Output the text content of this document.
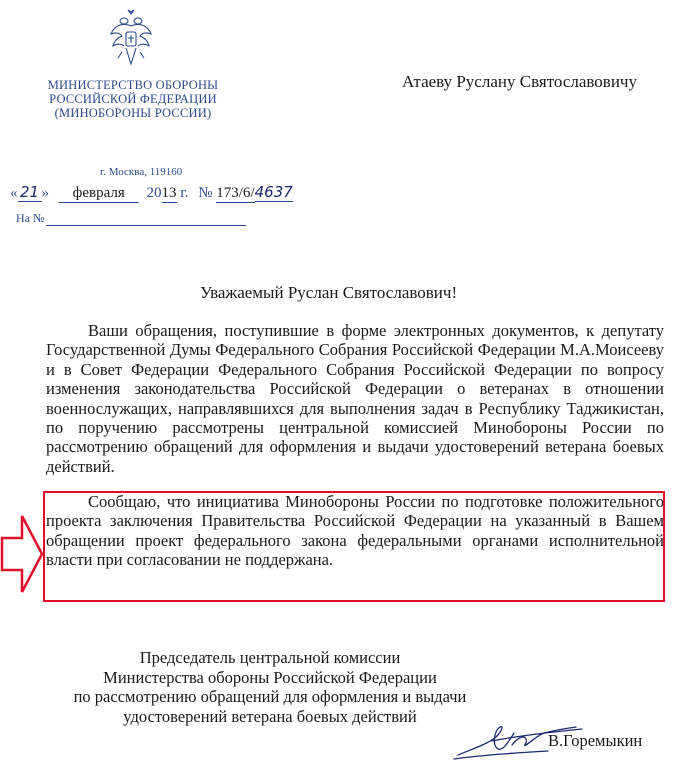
МИНИСТЕРСТВО ОБОРОНЫ
РОССИЙСКОЙ ФЕДЕРАЦИИ
(МИНОБОРОНЫ РОССИИ)
г. Москва, 119160
« 21 » февраля 2013 г. № 173/6/4637
На №
Атаеву Руслану Святославовичу
Уважаемый Руслан Святославович!
Ваши обращения, поступившие в форме электронных документов, к депутату Государственной Думы Федерального Собрания Российской Федерации М.А.Моисееву и в Совет Федерации Федерального Собрания Российской Федерации по вопросу изменения законодательства Российской Федерации о ветеранах в отношении военнослужащих, направлявшихся для выполнения задач в Республику Таджикистан, по поручению рассмотрены центральной комиссией Минобороны России по рассмотрению обращений для оформления и выдачи удостоверений ветерана боевых действий.
Сообщаю, что инициатива Минобороны России по подготовке положительного проекта заключения Правительства Российской Федерации на указанный в Вашем обращении проект федерального закона федеральными органами исполнительной власти при согласовании не поддержана.
Председатель центральной комиссии
Министерства обороны Российской Федерации
по рассмотрению обращений для оформления и выдачи
удостоверений ветерана боевых действий
В.Горемыкин
